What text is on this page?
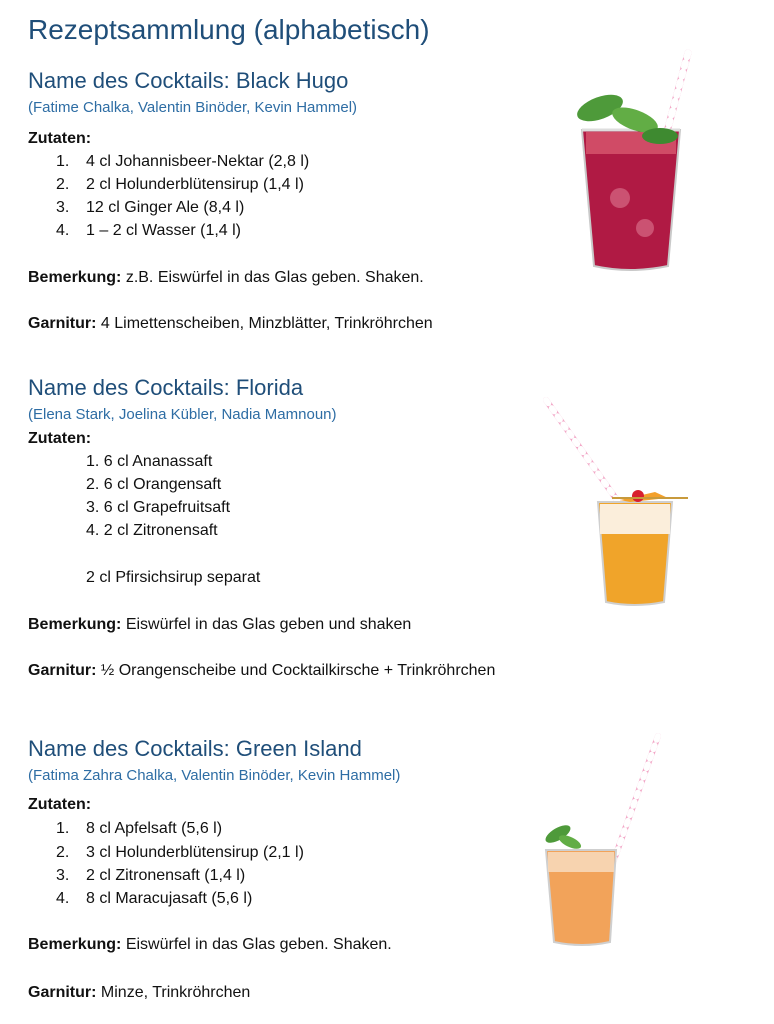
Rezeptsammlung (alphabetisch)
Name des Cocktails: Black Hugo
(Fatime Chalka, Valentin Binöder, Kevin Hammel)
Zutaten:
1. 4 cl Johannisbeer-Nektar (2,8 l)
2. 2 cl Holunderblütensirup (1,4 l)
3. 12 cl Ginger Ale (8,4 l)
4. 1 – 2 cl Wasser (1,4 l)
Bemerkung: z.B. Eiswürfel in das Glas geben. Shaken.
Garnitur: 4 Limettenscheiben, Minzblätter, Trinkröhrchen
Name des Cocktails: Florida
(Elena Stark, Joelina Kübler, Nadia Mamnoun)
Zutaten:
1. 6 cl Ananassaft
2. 6 cl Orangensaft
3. 6 cl Grapefruitsaft
4. 2 cl Zitronensaft
2 cl Pfirsichsirup separat
Bemerkung: Eiswürfel in das Glas geben und shaken
Garnitur: ½ Orangenscheibe und Cocktailkirsche + Trinkröhrchen
Name des Cocktails: Green Island
(Fatima Zahra Chalka, Valentin Binöder, Kevin Hammel)
Zutaten:
1. 8 cl Apfelsaft (5,6 l)
2. 3 cl Holunderblütensirup (2,1 l)
3. 2 cl Zitronensaft (1,4 l)
4. 8 cl Maracujasaft (5,6 l)
Bemerkung: Eiswürfel in das Glas geben. Shaken.
Garnitur: Minze, Trinkröhrchen
